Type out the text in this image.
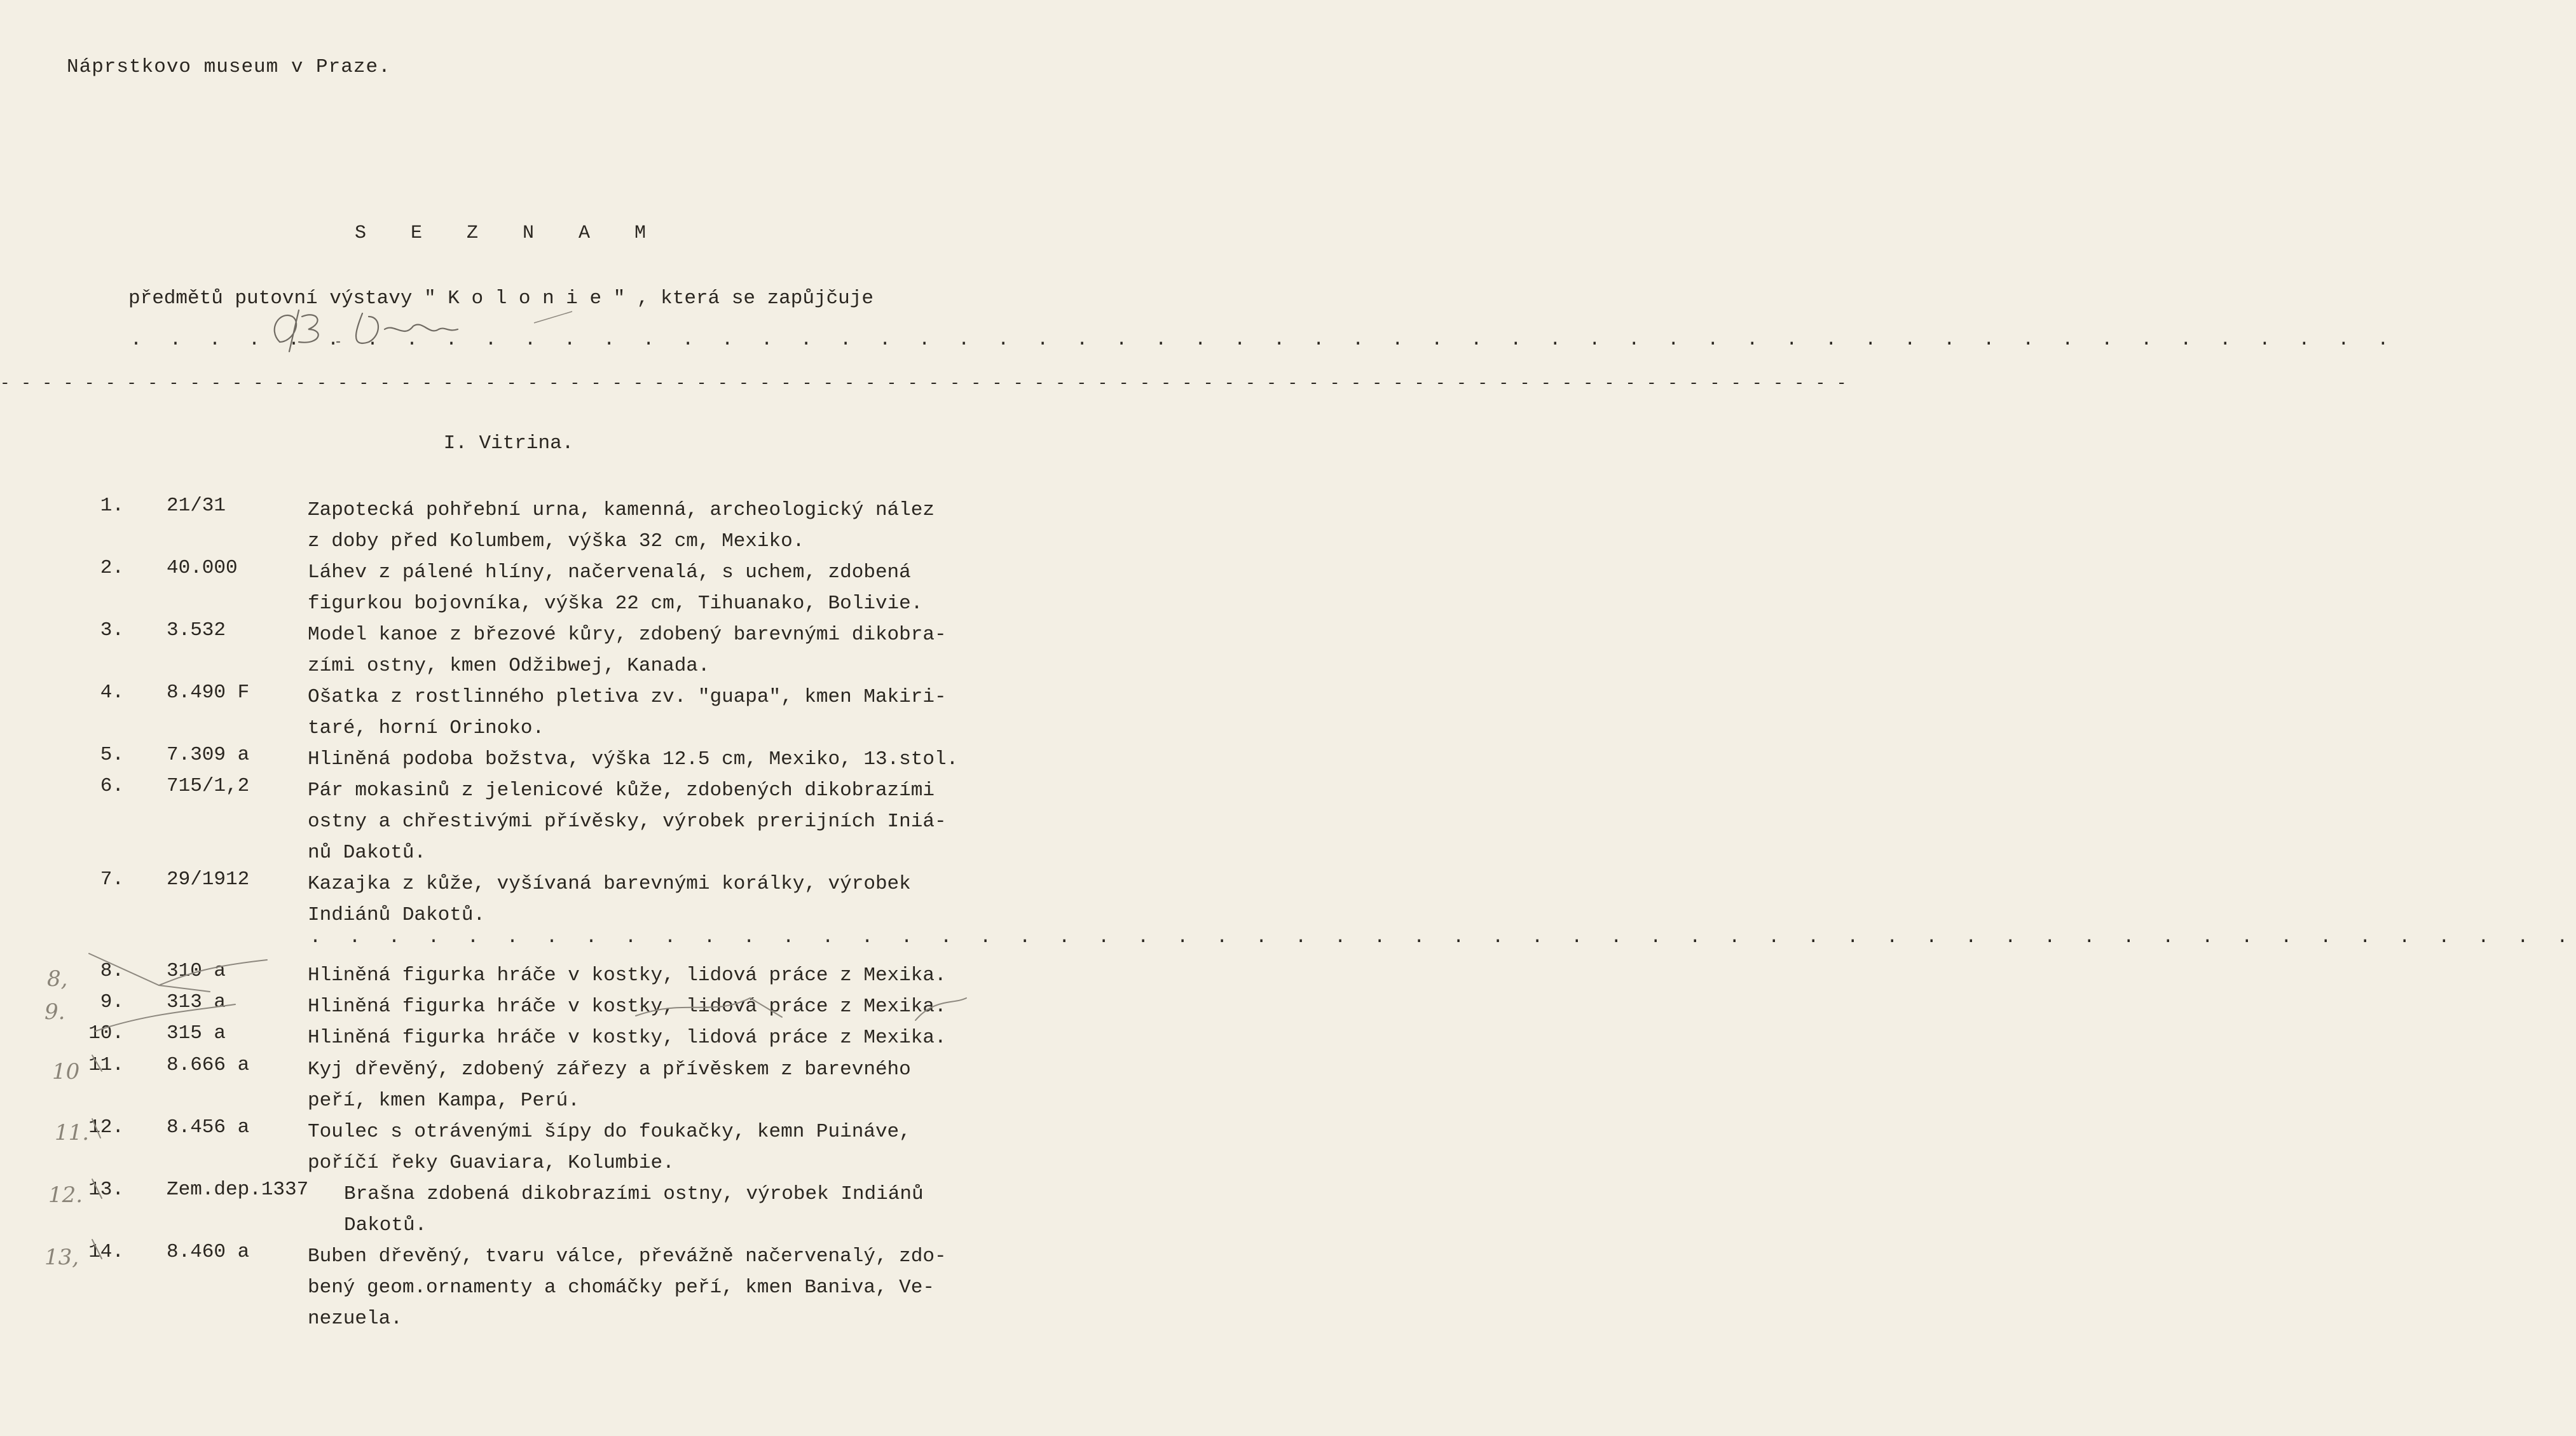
Náprstkovo museum v Praze.
S E Z N A M
předmětů putovní výstavy " K o l o n i e " , která se zapůjčuje
. . . . . . . . . . . . . . . . . . . . . . . . . . . . . . . . . . . . . . . . . . . . . . . . . . . . . . . . . .
- - - - - - - - - - - - - - - - - - - - - - - - - - - - - - - - - - - - - - - - - - - - - - - - - - - - - - - - - - - - - - - - - - - - - - - - - - - - - - - - - - - - - - - -
I. Vitrina.
. . . . . . . . . . . . . . . . . . . . . . . . . . . . . . . . . . . . . . . . . . . . . . . . . . . . . . . . . .
1. 21/31	Zapotecká pohřební urna, kamenná, archeologický nález
z doby před Kolumbem, výška 32 cm, Mexiko.
2. 40.000	Láhev z pálené hlíny, načervenalá, s uchem, zdobená
figurkou bojovníka, výška 22 cm, Tihuanako, Bolivie.
3. 3.532	Model kanoe z březové kůry, zdobený barevnými dikobra-
zími ostny, kmen Odžibwej, Kanada.
4. 8.490 F	Ošatka z rostlinného pletiva zv. "guapa", kmen Makiri-
taré, horní Orinoko.
5. 7.309 a	Hliněná podoba božstva, výška 12.5 cm, Mexiko, 13.stol.
6. 715/1,2	Pár mokasinů z jelenicové kůže, zdobených dikobrazími
ostny a chřestivými přívěsky, výrobek prerijních Iniá-
nů Dakotů.
7. 29/1912	Kazajka z kůže, vyšívaná barevnými korálky, výrobek
Indiánů Dakotů.
8. 310 a	Hliněná figurka hráče v kostky, lidová práce z Mexika.
9. 313 a	Hliněná figurka hráče v kostky, lidová práce z Mexika.
10. 315 a	Hliněná figurka hráče v kostky, lidová práce z Mexika.
11. 8.666 a	Kyj dřevěný, zdobený zářezy a přívěskem z barevného
peří, kmen Kampa, Perú.
12. 8.456 a	Toulec s otrávenými šípy do foukačky, kemn Puináve,
poříčí řeky Guaviara, Kolumbie.
13. Zem.dep.1337 Brašna zdobená dikobrazími ostny, výrobek Indiánů
Dakotů.
14. 8.460 a	Buben dřevěný, tvaru válce, převážně načervenalý, zdo-
bený geom.ornamenty a chomáčky peří, kmen Baniva, Ve-
nezuela.
8,
9.
10
11.
12.
13,
